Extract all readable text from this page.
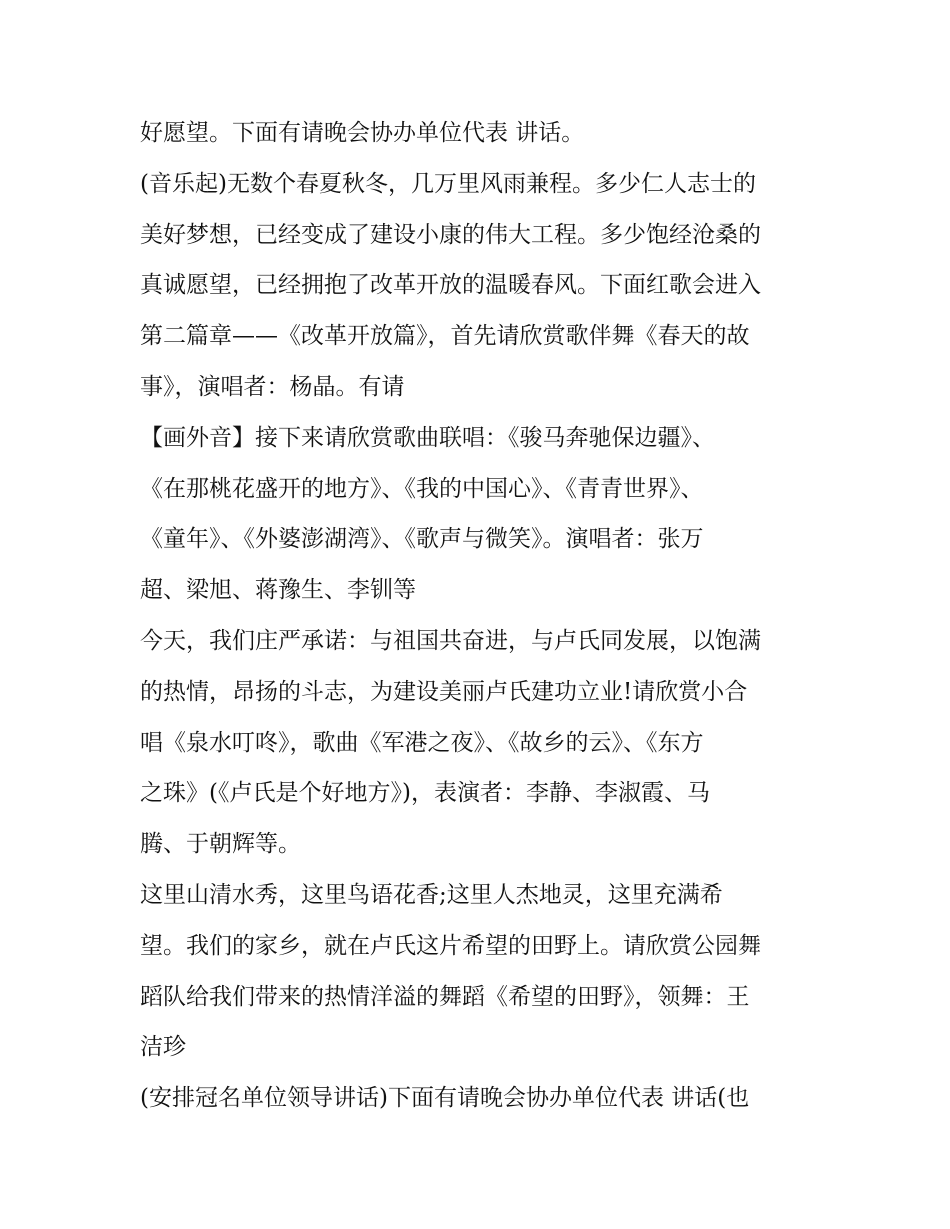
好愿望。下面有请晚会协办单位代表 讲话。
(音乐起)无数个春夏秋冬，几万里风雨兼程。多少仁人志士的
美好梦想，已经变成了建设小康的伟大工程。多少饱经沧桑的
真诚愿望，已经拥抱了改革开放的温暖春风。下面红歌会进入
第二篇章——《改革开放篇》，首先请欣赏歌伴舞《春天的故
事》，演唱者：杨晶。有请
【画外音】接下来请欣赏歌曲联唱：《骏马奔驰保边疆》、
《在那桃花盛开的地方》、《我的中国心》、《青青世界》、
《童年》、《外婆澎湖湾》、《歌声与微笑》。演唱者：张万
超、梁旭、蒋豫生、李钏等
今天，我们庄严承诺：与祖国共奋进，与卢氏同发展，以饱满
的热情，昂扬的斗志，为建设美丽卢氏建功立业!请欣赏小合
唱《泉水叮咚》，歌曲《军港之夜》、《故乡的云》、《东方
之珠》(《卢氏是个好地方》)，表演者：李静、李淑霞、马
腾、于朝辉等。
这里山清水秀，这里鸟语花香;这里人杰地灵，这里充满希
望。我们的家乡，就在卢氏这片希望的田野上。请欣赏公园舞
蹈队给我们带来的热情洋溢的舞蹈《希望的田野》，领舞：王
洁珍
(安排冠名单位领导讲话)下面有请晚会协办单位代表 讲话(也
